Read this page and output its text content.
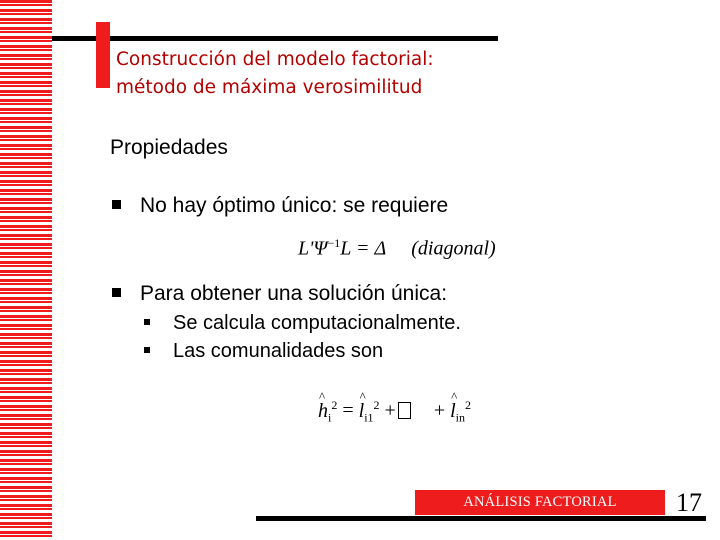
Construcción del modelo factorial:
método de máxima verosimilitud
Propiedades
No hay óptimo único: se requiere
$L'\Psi^{-1}L = \Delta$ (diagonal)
Para obtener una solución única:
Se calcula computacionalmente.
Las comunalidades son
^ $h_i^2$ = ^ $l_{i1}^2$ + + ^ $l_{in}^2$
ANÁLISIS FACTORIAL	17
